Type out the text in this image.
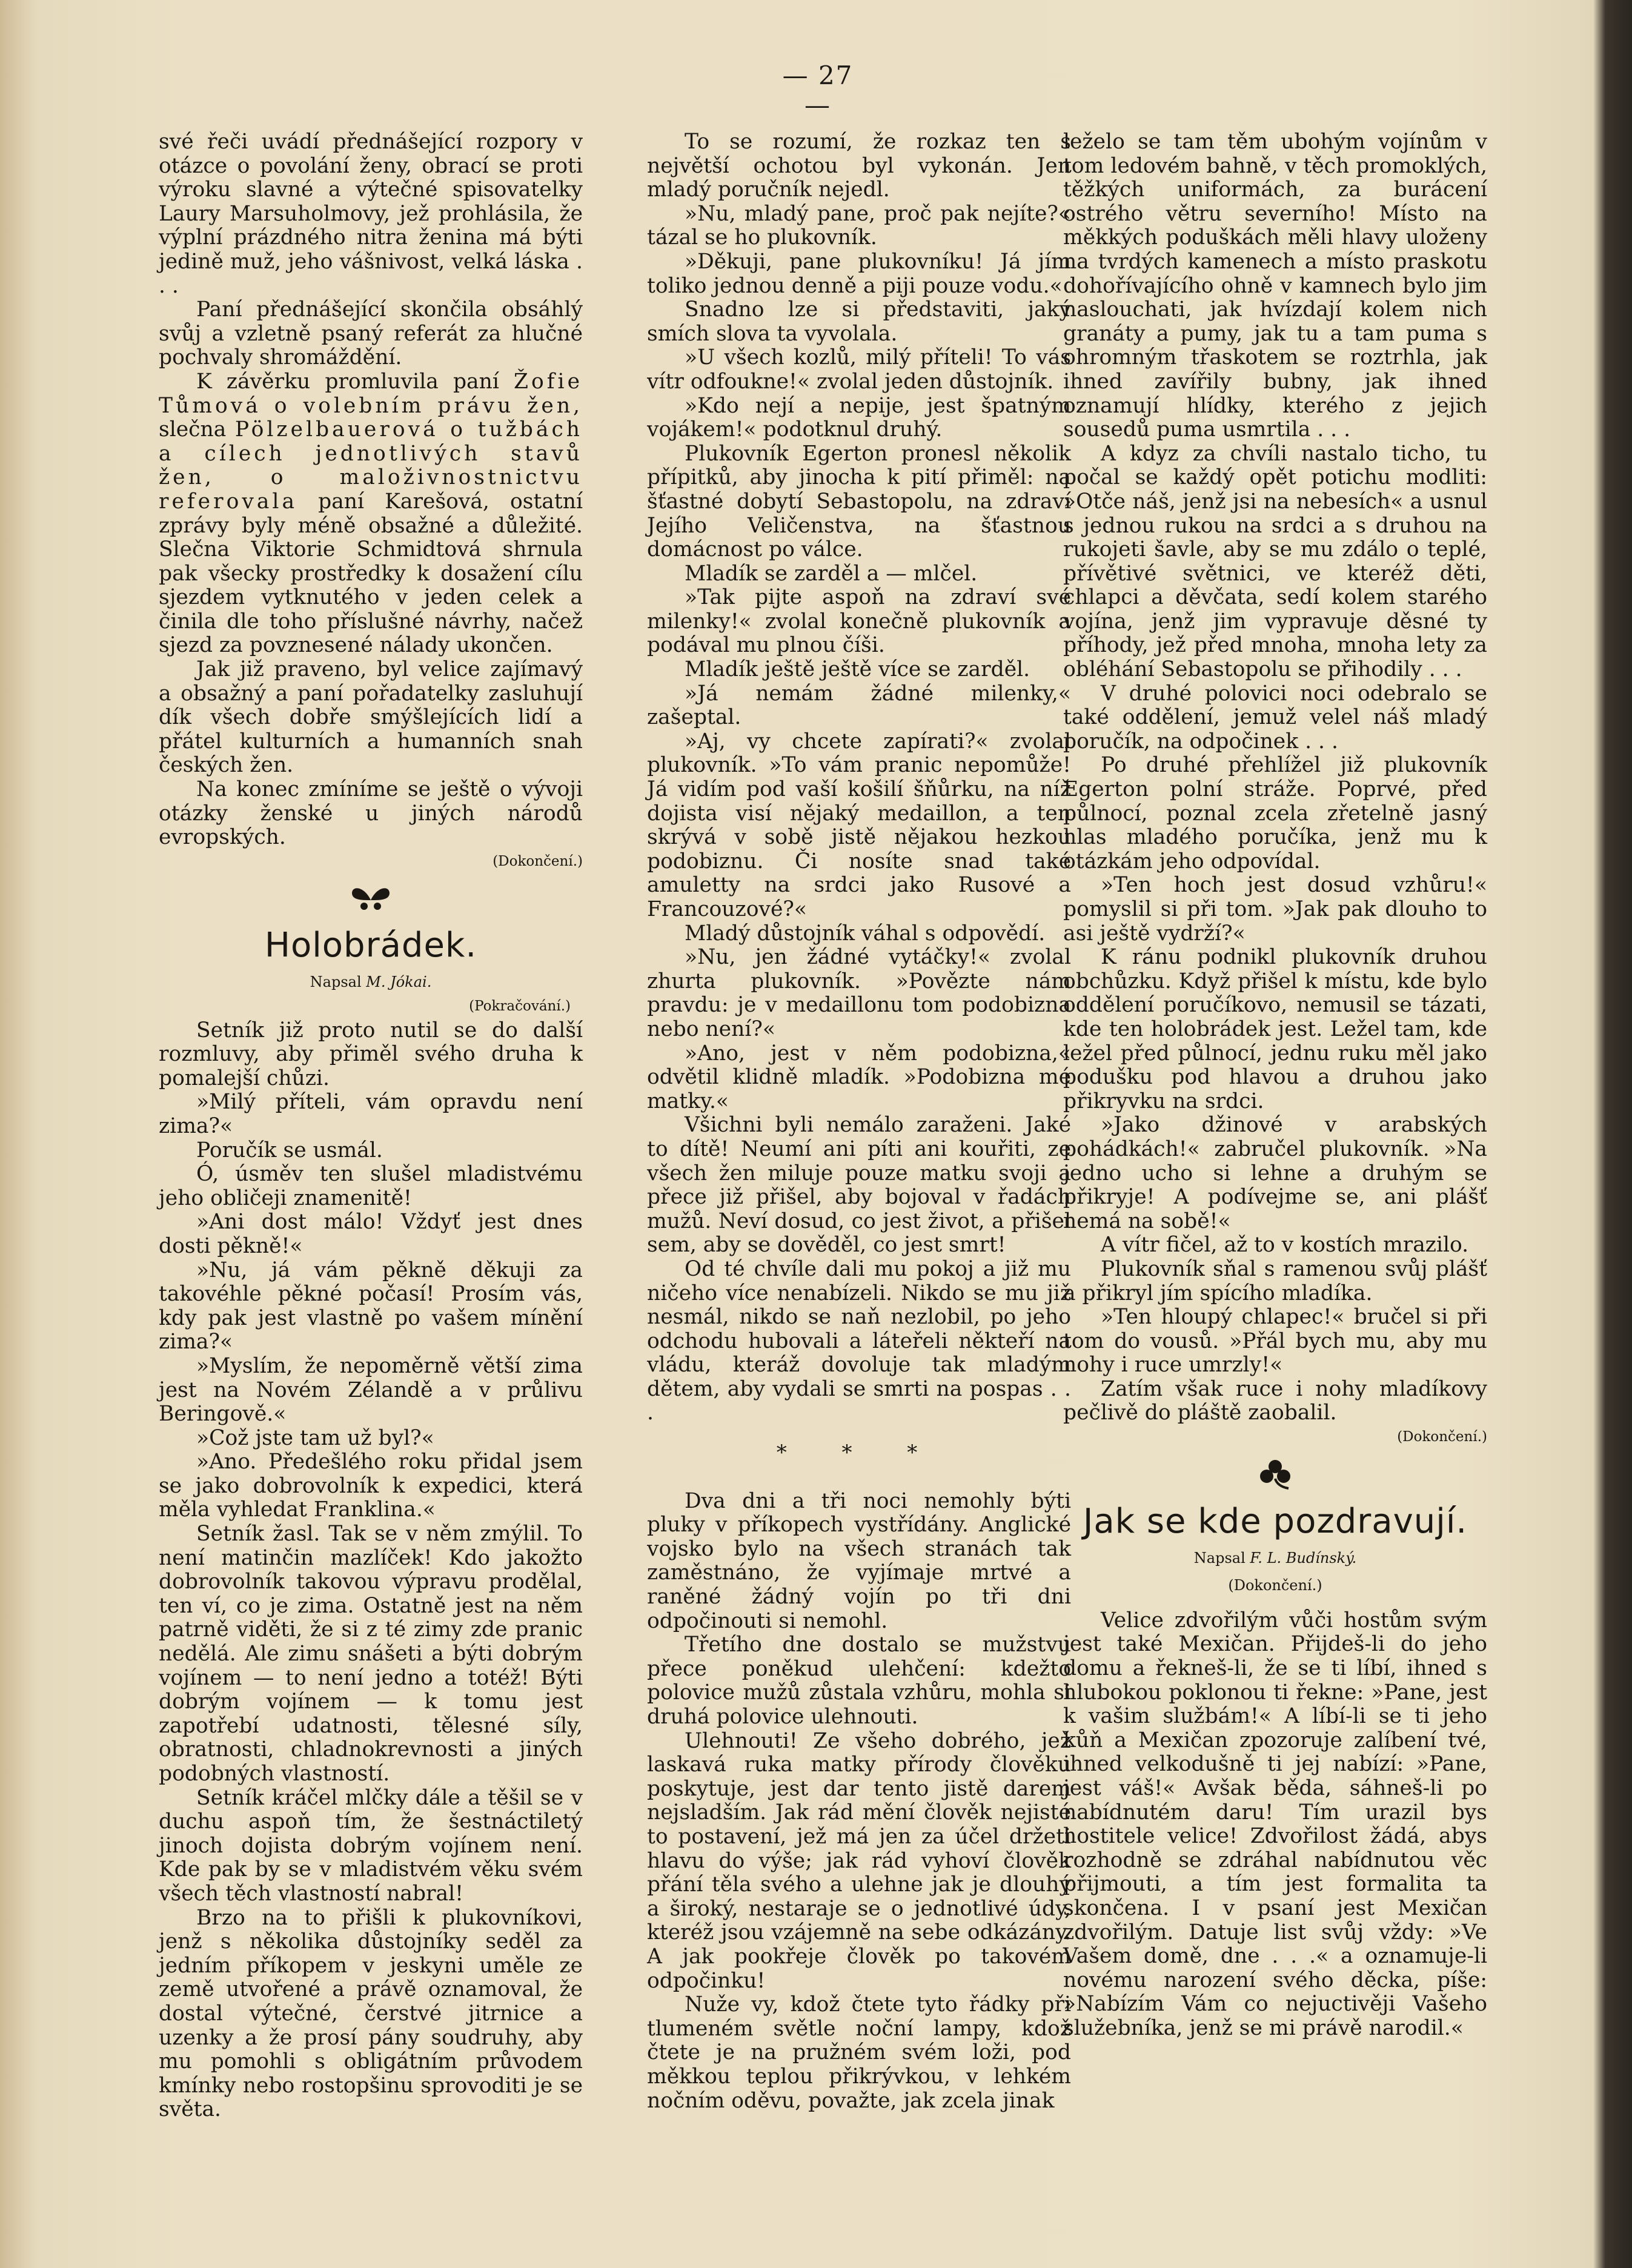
— 27 —

své řeči uvádí přednášející rozpory v otázce o povolání ženy, obrací se proti výroku slavné a výtečné spisovatelky Laury Marsuholmovy, jež prohlásila, že výplní prázdného nitra ženina má býti jedině muž, jeho vášnivost, velká láska . . .

Paní přednášející skončila obsáhlý svůj a vzletně psaný referát za hlučné pochvaly shromáždění.

K závěrku promluvila paní Žofie Tůmová o volebním právu žen, slečna Pölzelbauerová o tužbách a cílech jednotlivých stavů žen, o maloživnostnictvu referovala paní Karešová, ostatní zprávy byly méně obsažné a důležité. Slečna Viktorie Schmidtová shrnula pak všecky prostředky k dosažení cílu sjezdem vytknutého v jeden celek a činila dle toho příslušné návrhy, načež sjezd za povznesené nálady ukončen.

Jak již praveno, byl velice zajímavý a obsažný a paní pořadatelky zasluhují dík všech dobře smýšlejících lidí a přátel kulturních a humanních snah českých žen.

Na konec zmíníme se ještě o vývoji otázky ženské u jiných národů evropských.

(Dokončení.)

Holobrádek.
Napsal M. Jókai.

(Pokračování.)

Setník již proto nutil se do další rozmluvy, aby přiměl svého druha k pomalejší chůzi.

»Milý příteli, vám opravdu není zima?«

Poručík se usmál.

Ó, úsměv ten slušel mladistvému jeho obličeji znamenitě!

»Ani dost málo! Vždyť jest dnes dosti pěkně!«

»Nu, já vám pěkně děkuji za takovéhle pěkné počasí! Prosím vás, kdy pak jest vlastně po vašem mínění zima?«

»Myslím, že nepoměrně větší zima jest na Novém Zélandě a v průlivu Beringově.«

»Což jste tam už byl?«

»Ano. Předešlého roku přidal jsem se jako dobrovolník k expedici, která měla vyhledat Franklina.«

Setník žasl. Tak se v něm zmýlil. To není matinčin mazlíček! Kdo jakožto dobrovolník takovou výpravu prodělal, ten ví, co je zima. Ostatně jest na něm patrně viděti, že si z té zimy zde pranic nedělá. Ale zimu snášeti a býti dobrým vojínem — to není jedno a totéž! Býti dobrým vojínem — k tomu jest zapotřebí udatnosti, tělesné síly, obratnosti, chladnokrevnosti a jiných podobných vlastností.

Setník kráčel mlčky dále a těšil se v duchu aspoň tím, že šestnáctiletý jinoch dojista dobrým vojínem není. Kde pak by se v mladistvém věku svém všech těch vlastností nabral!

Brzo na to přišli k plukovníkovi, jenž s několika důstojníky seděl za jedním příkopem v jeskyni uměle ze země utvořené a právě oznamoval, že dostal výtečné, čerstvé jitrnice a uzenky a že prosí pány soudruhy, aby mu pomohli s obligátním průvodem kmínky nebo rostopšinu sprovoditi je se světa.

To se rozumí, že rozkaz ten s největší ochotou byl vykonán. Jen mladý poručník nejedl.

»Nu, mladý pane, proč pak nejíte?« tázal se ho plukovník.

»Děkuji, pane plukovníku! Já jím toliko jednou denně a piji pouze vodu.«

Snadno lze si představiti, jaký smích slova ta vyvolala.

»U všech kozlů, milý příteli! To vás vítr odfoukne!« zvolal jeden důstojník.

»Kdo nejí a nepije, jest špatným vojákem!« podotknul druhý.

Plukovník Egerton pronesl několik přípitků, aby jinocha k pití přiměl: na šťastné dobytí Sebastopolu, na zdraví Jejího Veličenstva, na šťastnou domácnost po válce.

Mladík se zarděl a — mlčel.

»Tak pijte aspoň na zdraví své milenky!« zvolal konečně plukovník a podával mu plnou číši.

Mladík ještě ještě více se zarděl.

»Já nemám žádné milenky,« zašeptal.

»Aj, vy chcete zapírati?« zvolal plukovník. »To vám pranic nepomůže! Já vidím pod vaší košilí šňůrku, na níž dojista visí nějaký medaillon, a ten skrývá v sobě jistě nějakou hezkou podobiznu. Či nosíte snad také amuletty na srdci jako Rusové a Francouzové?«

Mladý důstojník váhal s odpovědí.

»Nu, jen žádné vytáčky!« zvolal zhurta plukovník. »Povězte nám pravdu: je v medaillonu tom podobizna nebo není?«

»Ano, jest v něm podobizna,« odvětil klidně mladík. »Podobizna mé matky.«

Všichni byli nemálo zaraženi. Jaké to dítě! Neumí ani píti ani kouřiti, ze všech žen miluje pouze matku svoji a přece již přišel, aby bojoval v řadách mužů. Neví dosud, co jest život, a přišel sem, aby se dověděl, co jest smrt!

Od té chvíle dali mu pokoj a již mu ničeho více nenabízeli. Nikdo se mu již nesmál, nikdo se naň nezlobil, po jeho odchodu hubovali a láteřeli někteří na vládu, kteráž dovoluje tak mladým dětem, aby vydali se smrti na pospas . . .

* * *

Dva dni a tři noci nemohly býti pluky v příkopech vystřídány. Anglické vojsko bylo na všech stranách tak zaměstnáno, že vyjímaje mrtvé a raněné žádný vojín po tři dni odpočinouti si nemohl.

Třetího dne dostalo se mužstvu přece poněkud ulehčení: kdežto polovice mužů zůstala vzhůru, mohla si druhá polovice ulehnouti.

Ulehnouti! Ze všeho dobrého, jež laskavá ruka matky přírody člověku poskytuje, jest dar tento jistě darem nejsladším. Jak rád mění člověk nejisté to postavení, jež má jen za účel držeti hlavu do výše; jak rád vyhoví člověk přání těla svého a ulehne jak je dlouhý a široký, nestaraje se o jednotlivé údy, kteréž jsou vzájemně na sebe odkázány. A jak pookřeje člověk po takovém odpočinku!

Nuže vy, kdož čtete tyto řádky při tlumeném světle noční lampy, kdož čtete je na pružném svém loži, pod měkkou teplou přikrývkou, v lehkém nočním oděvu, považte, jak zcela jinak

leželo se tam těm ubohým vojínům v tom ledovém bahně, v těch promoklých, těžkých uniformách, za burácení ostrého větru severního! Místo na měkkých poduškách měli hlavy uloženy na tvrdých kamenech a místo praskotu dohořívajícího ohně v kamnech bylo jim naslouchati, jak hvízdají kolem nich granáty a pumy, jak tu a tam puma s ohromným třaskotem se roztrhla, jak ihned zavířily bubny, jak ihned oznamují hlídky, kterého z jejich sousedů puma usmrtila . . .

A kdyz za chvíli nastalo ticho, tu počal se každý opět potichu modliti: »Otče náš, jenž jsi na nebesích« a usnul s jednou rukou na srdci a s druhou na rukojeti šavle, aby se mu zdálo o teplé, přívětivé světnici, ve kteréž děti, chlapci a děvčata, sedí kolem starého vojína, jenž jim vypravuje děsné ty příhody, jež před mnoha, mnoha lety za obléhání Sebastopolu se přihodily . . .

V druhé polovici noci odebralo se také oddělení, jemuž velel náš mladý poručík, na odpočinek . . .

Po druhé přehlížel již plukovník Egerton polní stráže. Poprvé, před půlnocí, poznal zcela zřetelně jasný hlas mladého poručíka, jenž mu k otázkám jeho odpovídal.

»Ten hoch jest dosud vzhůru!« pomyslil si při tom. »Jak pak dlouho to asi ještě vydrží?«

K ránu podnikl plukovník druhou obchůzku. Když přišel k místu, kde bylo oddělení poručíkovo, nemusil se tázati, kde ten holobrádek jest. Ležel tam, kde ležel před půlnocí, jednu ruku měl jako podušku pod hlavou a druhou jako přikryvku na srdci.

»Jako džinové v arabských pohádkách!« zabručel plukovník. »Na jedno ucho si lehne a druhým se přikryje! A podívejme se, ani plášť nemá na sobě!«

A vítr fičel, až to v kostích mrazilo.

Plukovník sňal s ramenou svůj plášť a přikryl jím spícího mladíka.

»Ten hloupý chlapec!« bručel si při tom do vousů. »Přál bych mu, aby mu nohy i ruce umrzly!«

Zatím však ruce i nohy mladíkovy pečlivě do pláště zaobalil.

(Dokončení.)

Jak se kde pozdravují.
Napsal F. L. Budínský.
(Dokončení.)

Velice zdvořilým vůči hostům svým jest také Mexičan. Přijdeš-li do jeho domu a řekneš-li, že se ti líbí, ihned s hlubokou poklonou ti řekne: »Pane, jest k vašim službám!« A líbí-li se ti jeho kůň a Mexičan zpozoruje zalíbení tvé, ihned velkodušně ti jej nabízí: »Pane, jest váš!« Avšak běda, sáhneš-li po nabídnutém daru! Tím urazil bys hostitele velice! Zdvořilost žádá, abys rozhodně se zdráhal nabídnutou věc přijmouti, a tím jest formalita ta skončena. I v psaní jest Mexičan zdvořilým. Datuje list svůj vždy: »Ve Vašem domě, dne . . .« a oznamuje-li novému narození svého děcka, píše: »Nabízím Vám co nejuctivěji Vašeho služebníka, jenž se mi právě narodil.«
